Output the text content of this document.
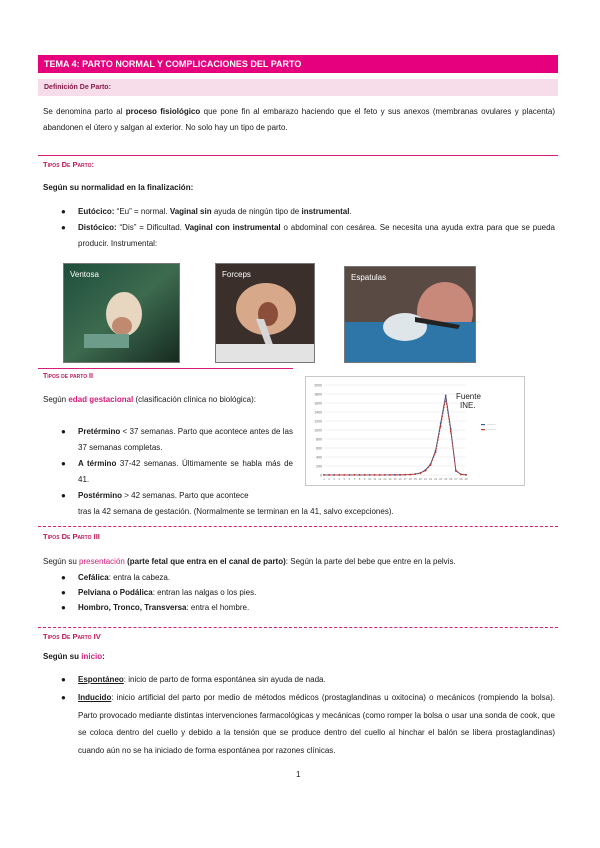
TEMA 4: PARTO NORMAL Y COMPLICACIONES DEL PARTO
Definición De Parto:
Se denomina parto al proceso fisiológico que pone fin al embarazo haciendo que el feto y sus anexos (membranas ovulares y placenta) abandonen el útero y salgan al exterior. No solo hay un tipo de parto.
Tipos De Parto:
Según su normalidad en la finalización:
● Eutócico: “Eu” = normal. Vaginal sin ayuda de ningún tipo de instrumental.
● Distócico: “Dis” = Dificultad. Vaginal con instrumental o abdominal con cesárea. Se necesita una ayuda extra para que se pueda producir. Instrumental:
Ventosa	Forceps	Espatulas
Tipos de parto II
Según edad gestacional (clasificación clínica no biológica):
● Pretérmino < 37 semanas. Parto que acontece antes de las 37 semanas completas.
● A término 37-42 semanas. Últimamente se habla más de 41.
● Postérmino > 42 semanas. Parto que acontece
tras la 42 semana de gestación. (Normalmente se terminan en la 41, salvo excepciones).
2000
1800
1600
1400
1200
1000
800
600
400
200
0
1 2 3 4 5 6 7 8 9 10 11 12 13 14 15 16 17 18 19 20 21 22 23 24 25 26 27 28 29
Fuente INE.
----------
----------
Tipos De Parto III
Según su presentación (parte fetal que entra en el canal de parto): Según la parte del bebe que entre en la pelvis.
● Cefálica: entra la cabeza.
● Pelviana o Podálica: entran las nalgas o los pies.
● Hombro, Tronco, Transversa: entra el hombre.
Tipos De Parto IV
Según su inicio:
● Espontáneo: inicio de parto de forma espontánea sin ayuda de nada.
● Inducido: inicio artificial del parto por medio de métodos médicos (prostaglandinas u oxitocina) o mecánicos (rompiendo la bolsa). Parto provocado mediante distintas intervenciones farmacológicas y mecánicas (como romper la bolsa o usar una sonda de cook, que se coloca dentro del cuello y debido a la tensión que se produce dentro del cuello al hinchar el balón se libera prostaglandinas) cuando aún no se ha iniciado de forma espontánea por razones clínicas.
1
